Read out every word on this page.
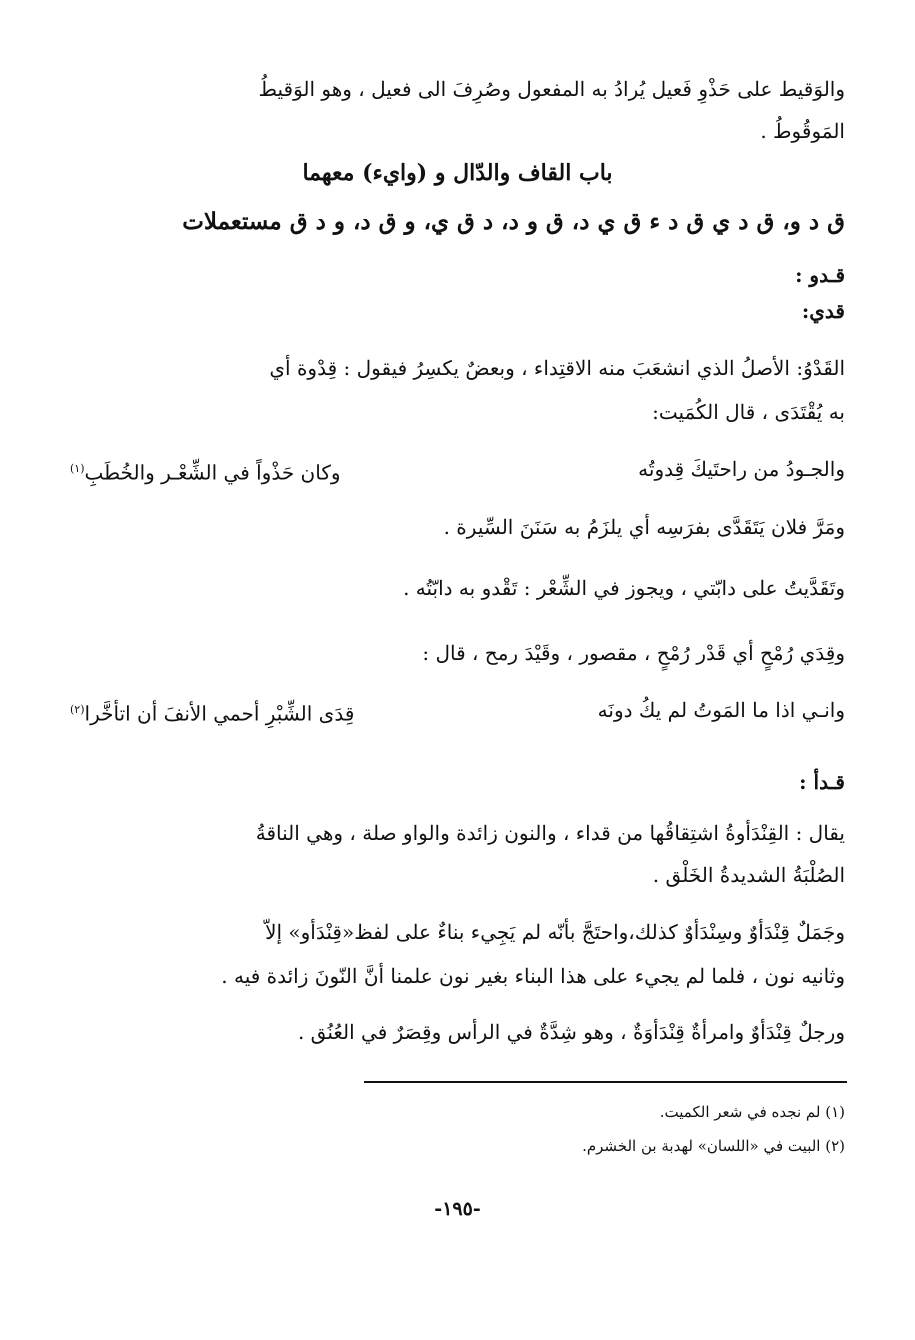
والوَقيط على حَذْوِ فَعيل يُرادُ به المفعول وصُرِفَ الى فعيل ، وهو الوَقيطُ
المَوقُوطُ .
باب القاف والدّال و (وايء) معهما
ق د و، ق د ي ق د ء ق ي د، ق و د، د ق ي، و ق د، و د ق مستعملات
قـدو :
قدي:
القَدْوُ: الأصلُ الذي انشعَبَ منه الاقتِداء ، وبعضٌ يكسِرُ فيقول : قِدْوة أي
به يُقْتَدَى ، قال الكُمَيت:
والجـودُ من راحتَيكَ قِدوتُه
وكان حَذْواً في الشِّعْـر والخُطَبِ$^{(١)}$
ومَرَّ فلان يَتَقَدَّى بفرَسِه أي يلزَمُ به سَنَنَ السِّيرة .
وتَقَدَّيتُ على دابّتي ، ويجوز في الشِّعْر : تَقْدو به دابّتُه .
وقِدَي رُمْحٍ أي قَدْر رُمْحٍ ، مقصور ، وقَيْدَ رمح ، قال :
وانـي اذا ما المَوتُ لم يكُ دونَه
قِدَى الشِّبْرِ أحمي الأنفَ أن اتأخَّرا$^{(٢)}$
قـدأ :
يقال : القِنْدَأوةُ اشتِقاقُها من قداء ، والنون زائدة والواو صلة ، وهي الناقةُ
الصُلْبَةُ الشديدةُ الخَلْق .
وجَمَلٌ قِنْدَأوٌ وسِنْدَأوٌ كذلك،واحتَجَّ بأنّه لم يَجِيء بناءٌ على لفظ«قِنْدَأو» إلاّ
وثانيه نون ، فلما لم يجيء على هذا البناء بغير نون علمنا أنَّ النّونَ زائدة فيه .
ورجلٌ قِنْدَأوٌ وامرأةٌ قِنْدَأوَةٌ ، وهو شِدَّةٌ في الرأس وقِصَرٌ في العُنُق .
(١) لم نجده في شعر الكميت.
(٢) البيت في «اللسان» لهدبة بن الخشرم.
-١٩٥-
